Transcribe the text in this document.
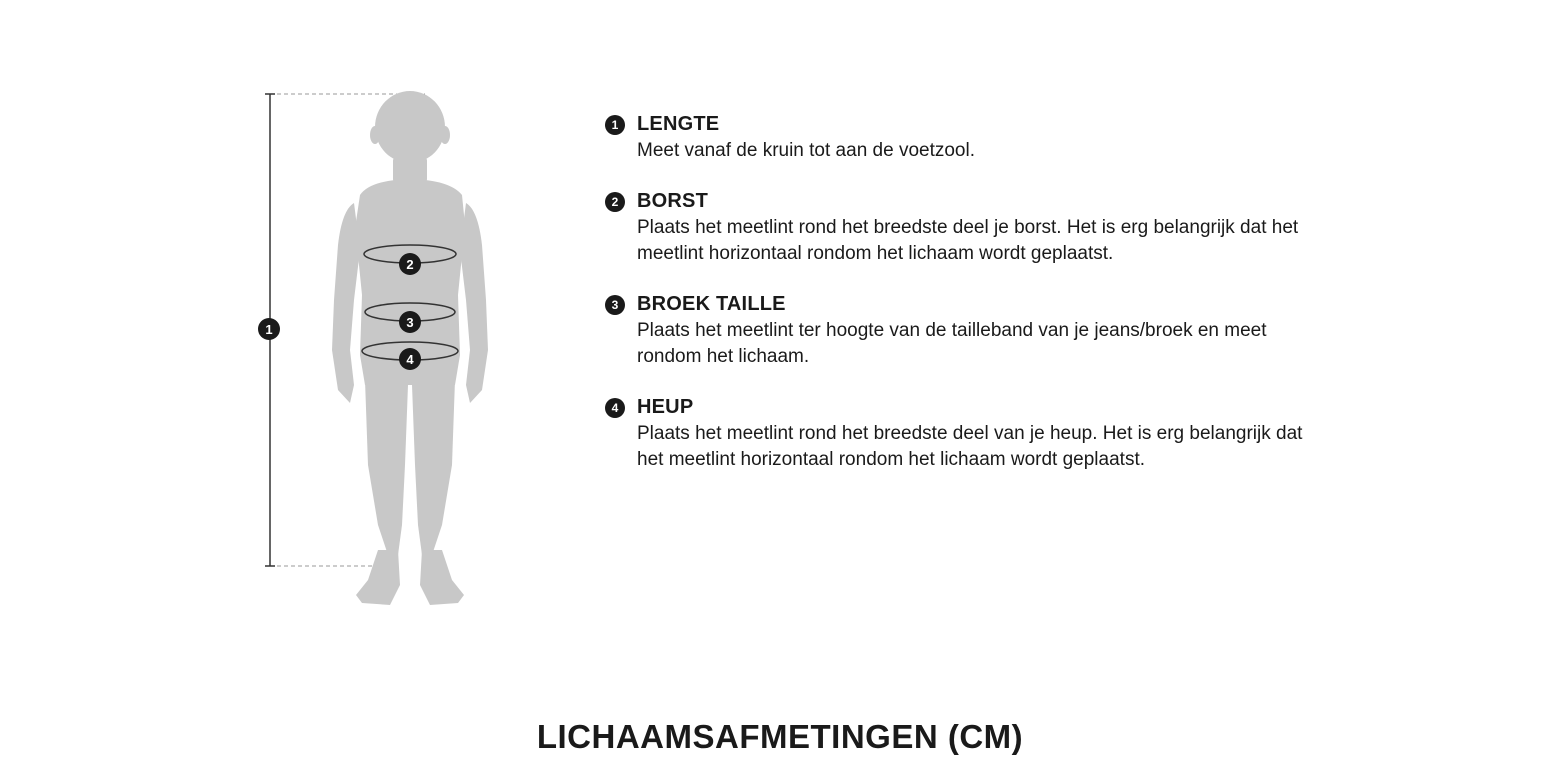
1
2
3
4
1 LENGTE
Meet vanaf de kruin tot aan de voetzool.
2 BORST
Plaats het meetlint rond het breedste deel je borst. Het is erg belangrijk dat het meetlint horizontaal rondom het lichaam wordt geplaatst.
3 BROEK TAILLE
Plaats het meetlint ter hoogte van de tailleband van je jeans/broek en meet rondom het lichaam.
4 HEUP
Plaats het meetlint rond het breedste deel van je heup. Het is erg belangrijk dat het meetlint horizontaal rondom het lichaam wordt geplaatst.
LICHAAMSAFMETINGEN (CM)
